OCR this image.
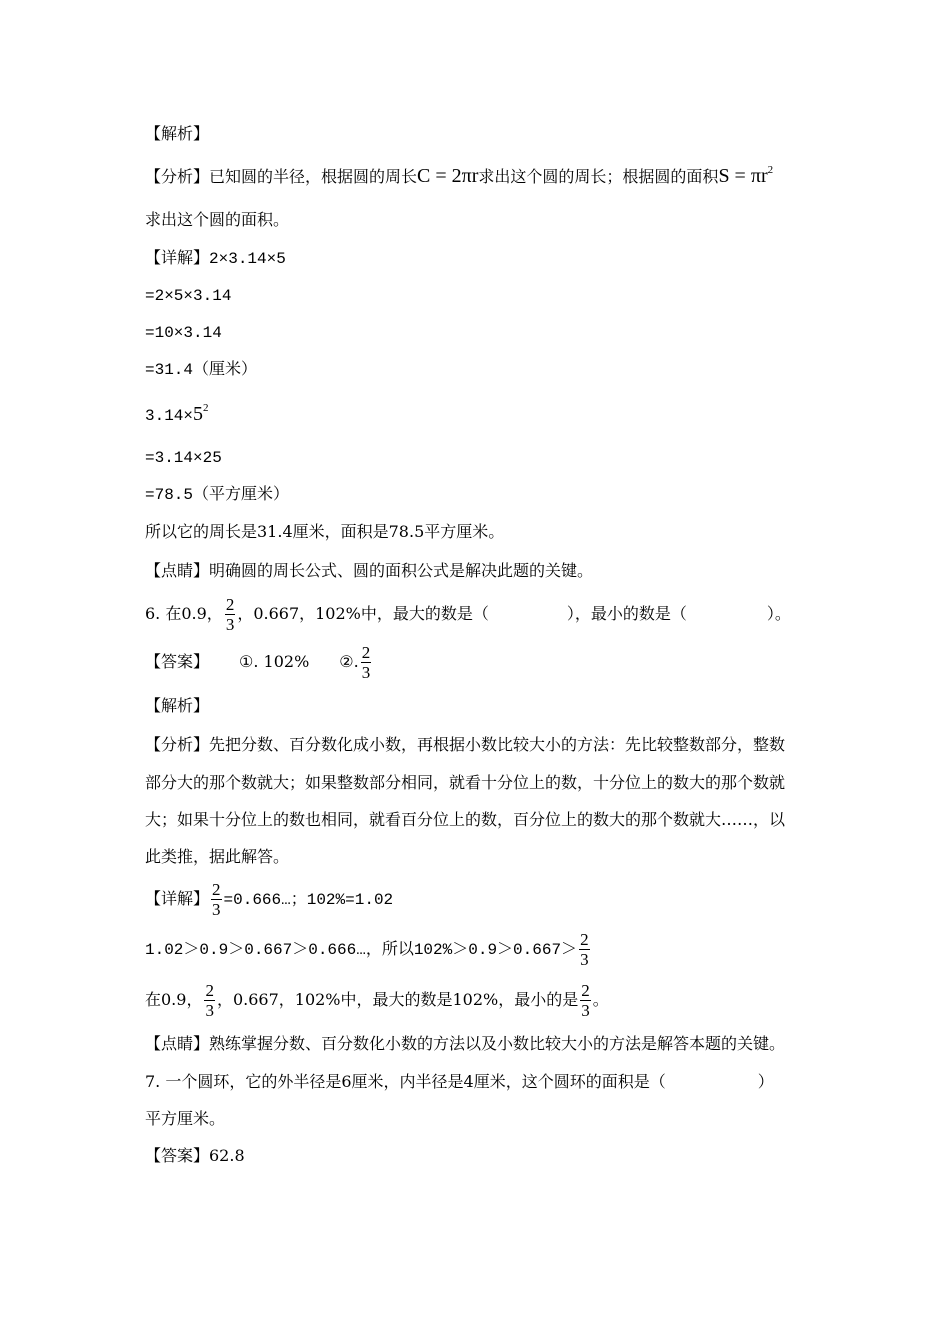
【解析】
【分析】已知圆的半径，根据圆的周长C = 2πr求出这个圆的周长；根据圆的面积$S = \pi r^2$
求出这个圆的面积。
【详解】2×3.14×5
=2×5×3.14
=10×3.14
=31.4（厘米）
$3.14\times 5^2$
=3.14×25
=78.5（平方厘米）
所以它的周长是31.4厘米，面积是78.5平方厘米。
【点睛】明确圆的周长公式、圆的面积公式是解决此题的关键。
6. 在0.9， $\frac{2}{3}$ ，0.667，102%中，最大的数是（	），最小的数是（	）。
【答案】 ①. 102% ②. $\frac{2}{3}$
【解析】
【分析】先把分数、百分数化成小数，再根据小数比较大小的方法：先比较整数部分，整数
部分大的那个数就大；如果整数部分相同，就看十分位上的数，十分位上的数大的那个数就
大；如果十分位上的数也相同，就看百分位上的数，百分位上的数大的那个数就大……，以
此类推，据此解答。
【详解】 $\frac{2}{3}$ =0.666…；102%=1.02
1.02＞0.9＞0.667＞0.666…，所以$102\%>0.9>0.667> \frac{2}{3}$
在0.9， $\frac{2}{3}$ ，0.667，102%中，最大的数是102%，最小的是 $\frac{2}{3}$ 。
【点睛】熟练掌握分数、百分数化小数的方法以及小数比较大小的方法是解答本题的关键。
7. 一个圆环，它的外半径是6厘米，内半径是4厘米，这个圆环的面积是（	）
平方厘米。
【答案】62.8
